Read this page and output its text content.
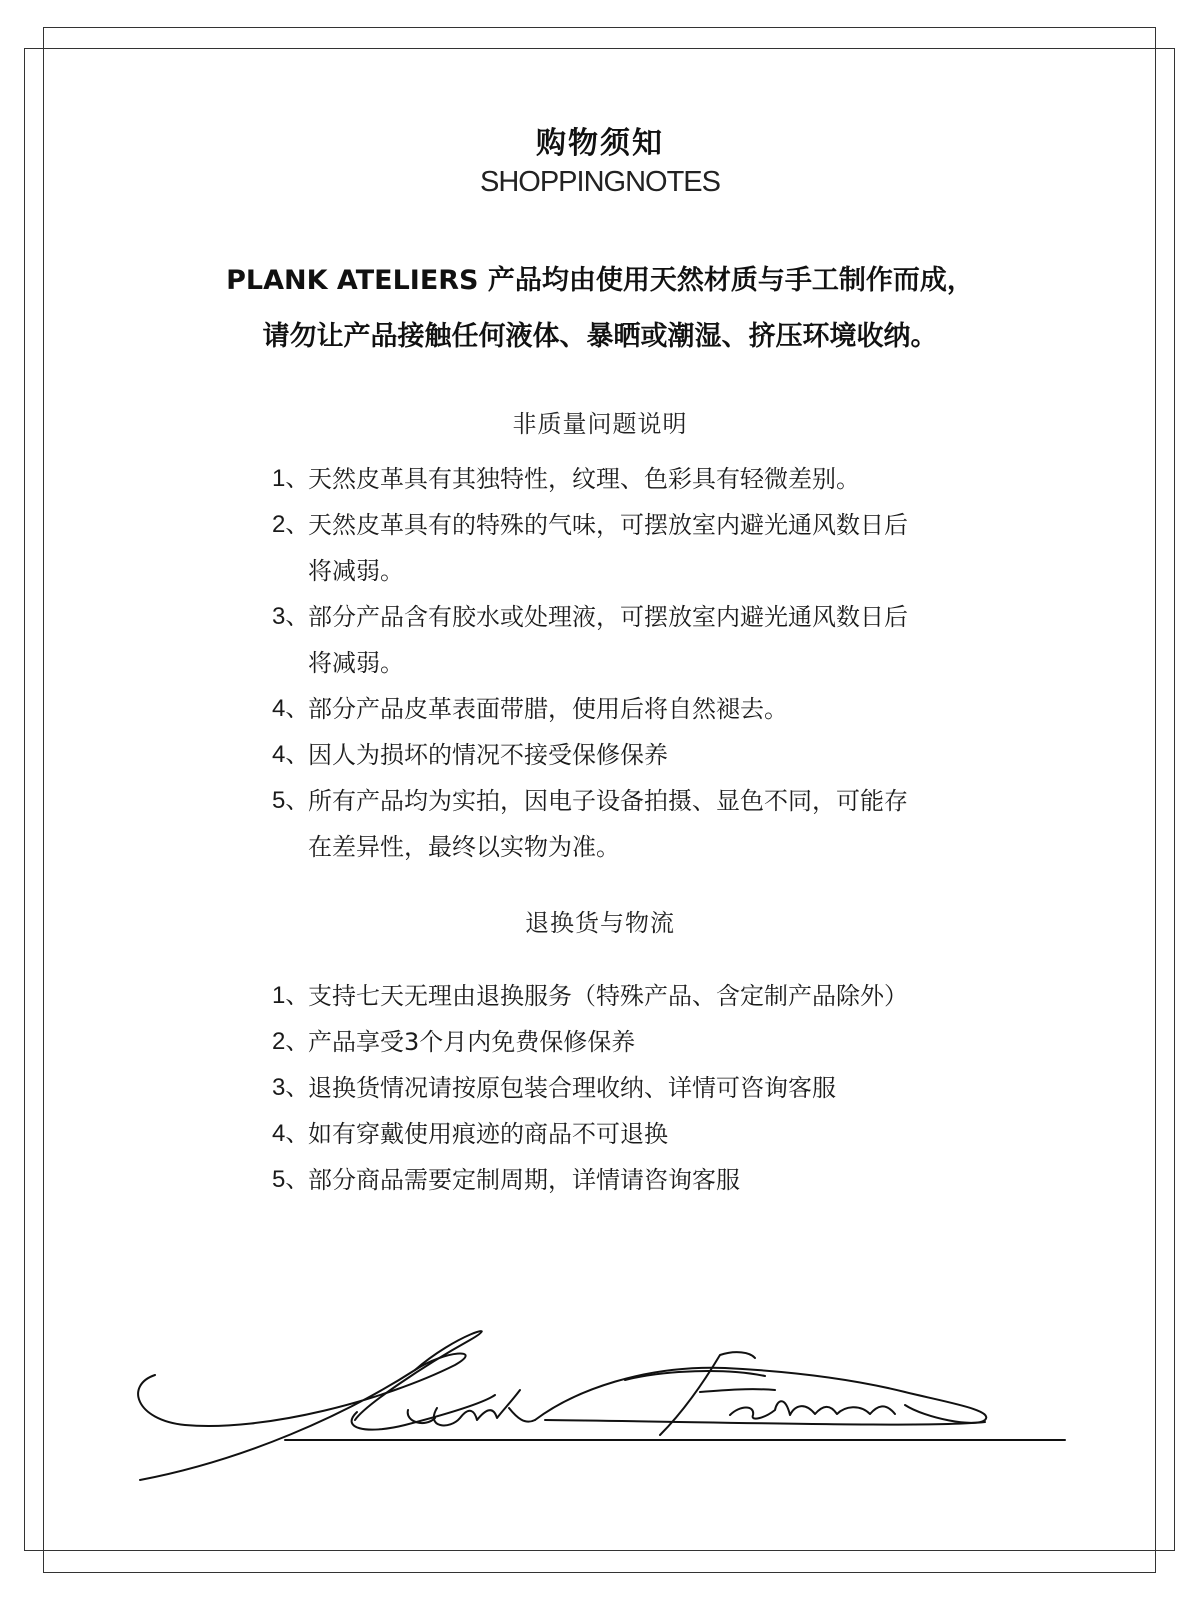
购物须知
SHOPPINGNOTES
PLANK ATELIERS 产品均由使用天然材质与手工制作而成，
请勿让产品接触任何液体、暴晒或潮湿、挤压环境收纳。
非质量问题说明
1、
天然皮革具有其独特性，纹理、色彩具有轻微差别。
2、
天然皮革具有的特殊的气味，可摆放室内避光通风数日后将减弱。
3、
部分产品含有胶水或处理液，可摆放室内避光通风数日后将减弱。
4、
部分产品皮革表面带腊，使用后将自然褪去。
4、
因人为损坏的情况不接受保修保养
5、
所有产品均为实拍，因电子设备拍摄、显色不同，可能存在差异性，最终以实物为准。
退换货与物流
1、
支持七天无理由退换服务（特殊产品、含定制产品除外）
2、
产品享受3个月内免费保修保养
3、
退换货情况请按原包装合理收纳、详情可咨询客服
4、
如有穿戴使用痕迹的商品不可退换
5、
部分商品需要定制周期，详情请咨询客服
